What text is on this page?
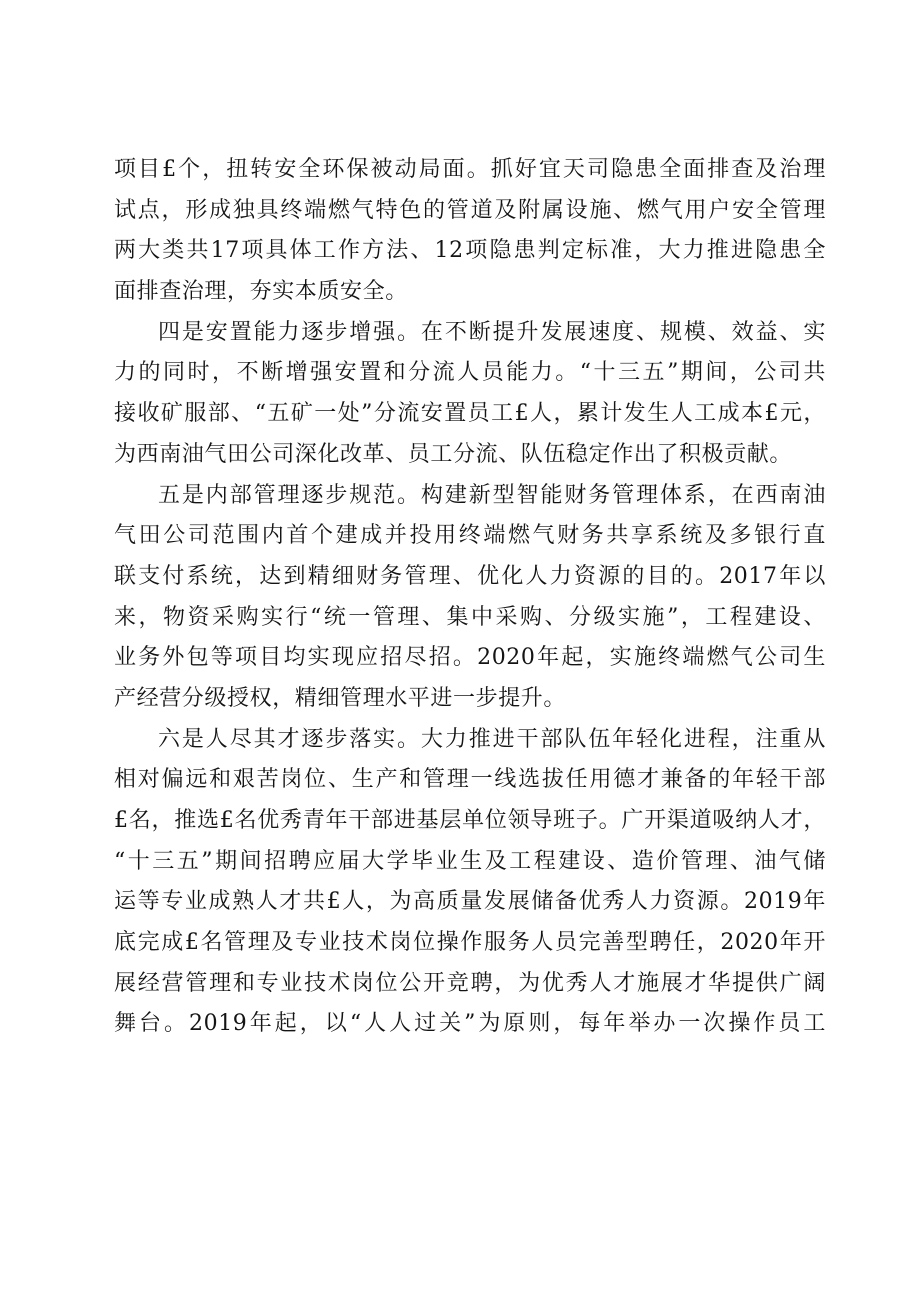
项目£个，扭转安全环保被动局面。抓好宜天司隐患全面排查及治理
试点，形成独具终端燃气特色的管道及附属设施、燃气用户安全管理
两大类共17项具体工作方法、12项隐患判定标准，大力推进隐患全
面排查治理，夯实本质安全。
四是安置能力逐步增强。在不断提升发展速度、规模、效益、实
力的同时，不断增强安置和分流人员能力。“十三五”期间，公司共
接收矿服部、“五矿一处”分流安置员工£人，累计发生人工成本£元，
为西南油气田公司深化改革、员工分流、队伍稳定作出了积极贡献。
五是内部管理逐步规范。构建新型智能财务管理体系，在西南油
气田公司范围内首个建成并投用终端燃气财务共享系统及多银行直
联支付系统，达到精细财务管理、优化人力资源的目的。2017年以
来，物资采购实行“统一管理、集中采购、分级实施”，工程建设、
业务外包等项目均实现应招尽招。2020年起，实施终端燃气公司生
产经营分级授权，精细管理水平进一步提升。
六是人尽其才逐步落实。大力推进干部队伍年轻化进程，注重从
相对偏远和艰苦岗位、生产和管理一线选拔任用德才兼备的年轻干部
£名，推选£名优秀青年干部进基层单位领导班子。广开渠道吸纳人才，
“十三五”期间招聘应届大学毕业生及工程建设、造价管理、油气储
运等专业成熟人才共£人，为高质量发展储备优秀人力资源。2019年
底完成£名管理及专业技术岗位操作服务人员完善型聘任，2020年开
展经营管理和专业技术岗位公开竞聘，为优秀人才施展才华提供广阔
舞台。2019年起，以“人人过关”为原则，每年举办一次操作员工
